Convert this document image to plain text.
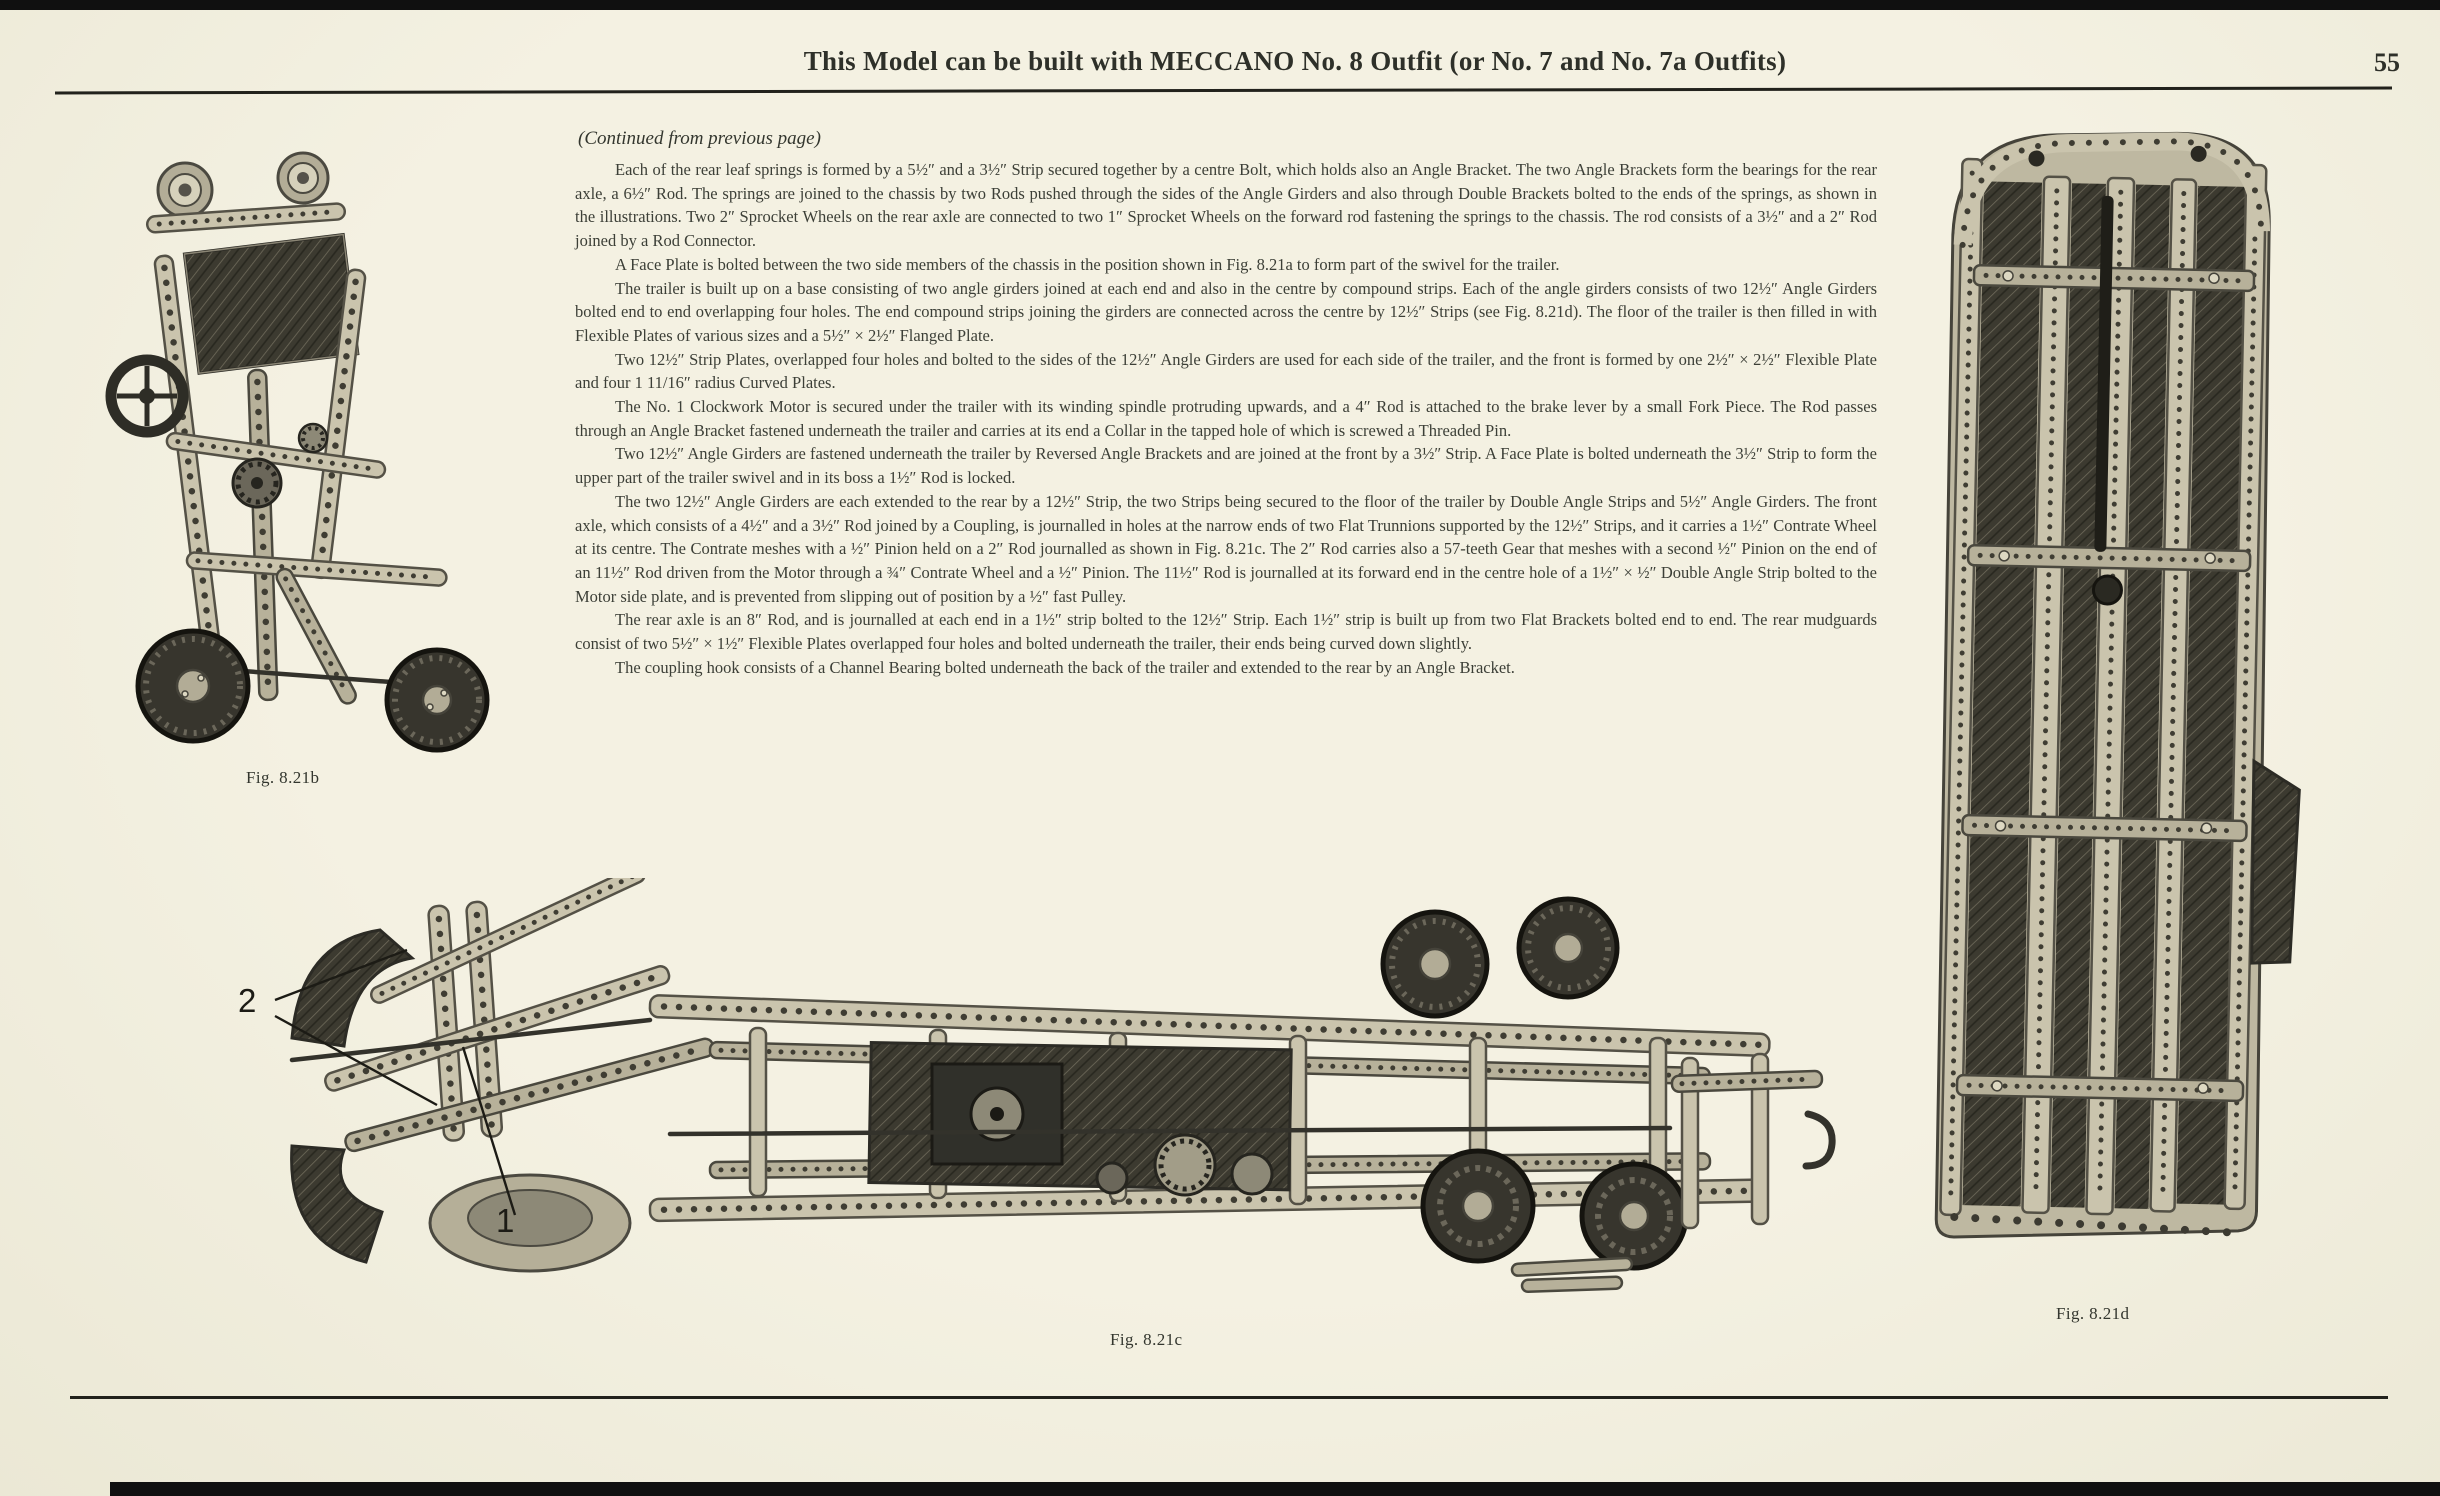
This Model can be built with MECCANO No. 8 Outfit (or No. 7 and No. 7a Outfits)	55
(Continued from previous page)

Each of the rear leaf springs is formed by a 5½″ and a 3½″ Strip secured together by a centre Bolt, which holds also an Angle Bracket. The two Angle Brackets form the bearings for the rear axle, a 6½″ Rod. The springs are joined to the chassis by two Rods pushed through the sides of the Angle Girders and also through Double Brackets bolted to the ends of the springs, as shown in the illustrations. Two 2″ Sprocket Wheels on the rear axle are connected to two 1″ Sprocket Wheels on the forward rod fastening the springs to the chassis. The rod consists of a 3½″ and a 2″ Rod joined by a Rod Connector.

A Face Plate is bolted between the two side members of the chassis in the position shown in Fig. 8.21a to form part of the swivel for the trailer.

The trailer is built up on a base consisting of two angle girders joined at each end and also in the centre by compound strips. Each of the angle girders consists of two 12½″ Angle Girders bolted end to end overlapping four holes. The end compound strips joining the girders are connected across the centre by 12½″ Strips (see Fig. 8.21d). The floor of the trailer is then filled in with Flexible Plates of various sizes and a 5½″ × 2½″ Flanged Plate.

Two 12½″ Strip Plates, overlapped four holes and bolted to the sides of the 12½″ Angle Girders are used for each side of the trailer, and the front is formed by one 2½″ × 2½″ Flexible Plate and four 1 11/16″ radius Curved Plates.

The No. 1 Clockwork Motor is secured under the trailer with its winding spindle protruding upwards, and a 4″ Rod is attached to the brake lever by a small Fork Piece. The Rod passes through an Angle Bracket fastened underneath the trailer and carries at its end a Collar in the tapped hole of which is screwed a Threaded Pin.

Two 12½″ Angle Girders are fastened underneath the trailer by Reversed Angle Brackets and are joined at the front by a 3½″ Strip. A Face Plate is bolted underneath the 3½″ Strip to form the upper part of the trailer swivel and in its boss a 1½″ Rod is locked.

The two 12½″ Angle Girders are each extended to the rear by a 12½″ Strip, the two Strips being secured to the floor of the trailer by Double Angle Strips and 5½″ Angle Girders. The front axle, which consists of a 4½″ and a 3½″ Rod joined by a Coupling, is journalled in holes at the narrow ends of two Flat Trunnions supported by the 12½″ Strips, and it carries a 1½″ Contrate Wheel at its centre. The Contrate meshes with a ½″ Pinion held on a 2″ Rod journalled as shown in Fig. 8.21c. The 2″ Rod carries also a 57-teeth Gear that meshes with a second ½″ Pinion on the end of an 11½″ Rod driven from the Motor through a ¾″ Contrate Wheel and a ½″ Pinion. The 11½″ Rod is journalled at its forward end in the centre hole of a 1½″ × ½″ Double Angle Strip bolted to the Motor side plate, and is prevented from slipping out of position by a ½″ fast Pulley.

The rear axle is an 8″ Rod, and is journalled at each end in a 1½″ strip bolted to the 12½″ Strip. Each 1½″ strip is built up from two Flat Brackets bolted end to end. The rear mudguards consist of two 5½″ × 1½″ Flexible Plates overlapped four holes and bolted underneath the trailer, their ends being curved down slightly.

The coupling hook consists of a Channel Bearing bolted underneath the back of the trailer and extended to the rear by an Angle Bracket.

Fig. 8.21b
2
1
Fig. 8.21c
Fig. 8.21d
